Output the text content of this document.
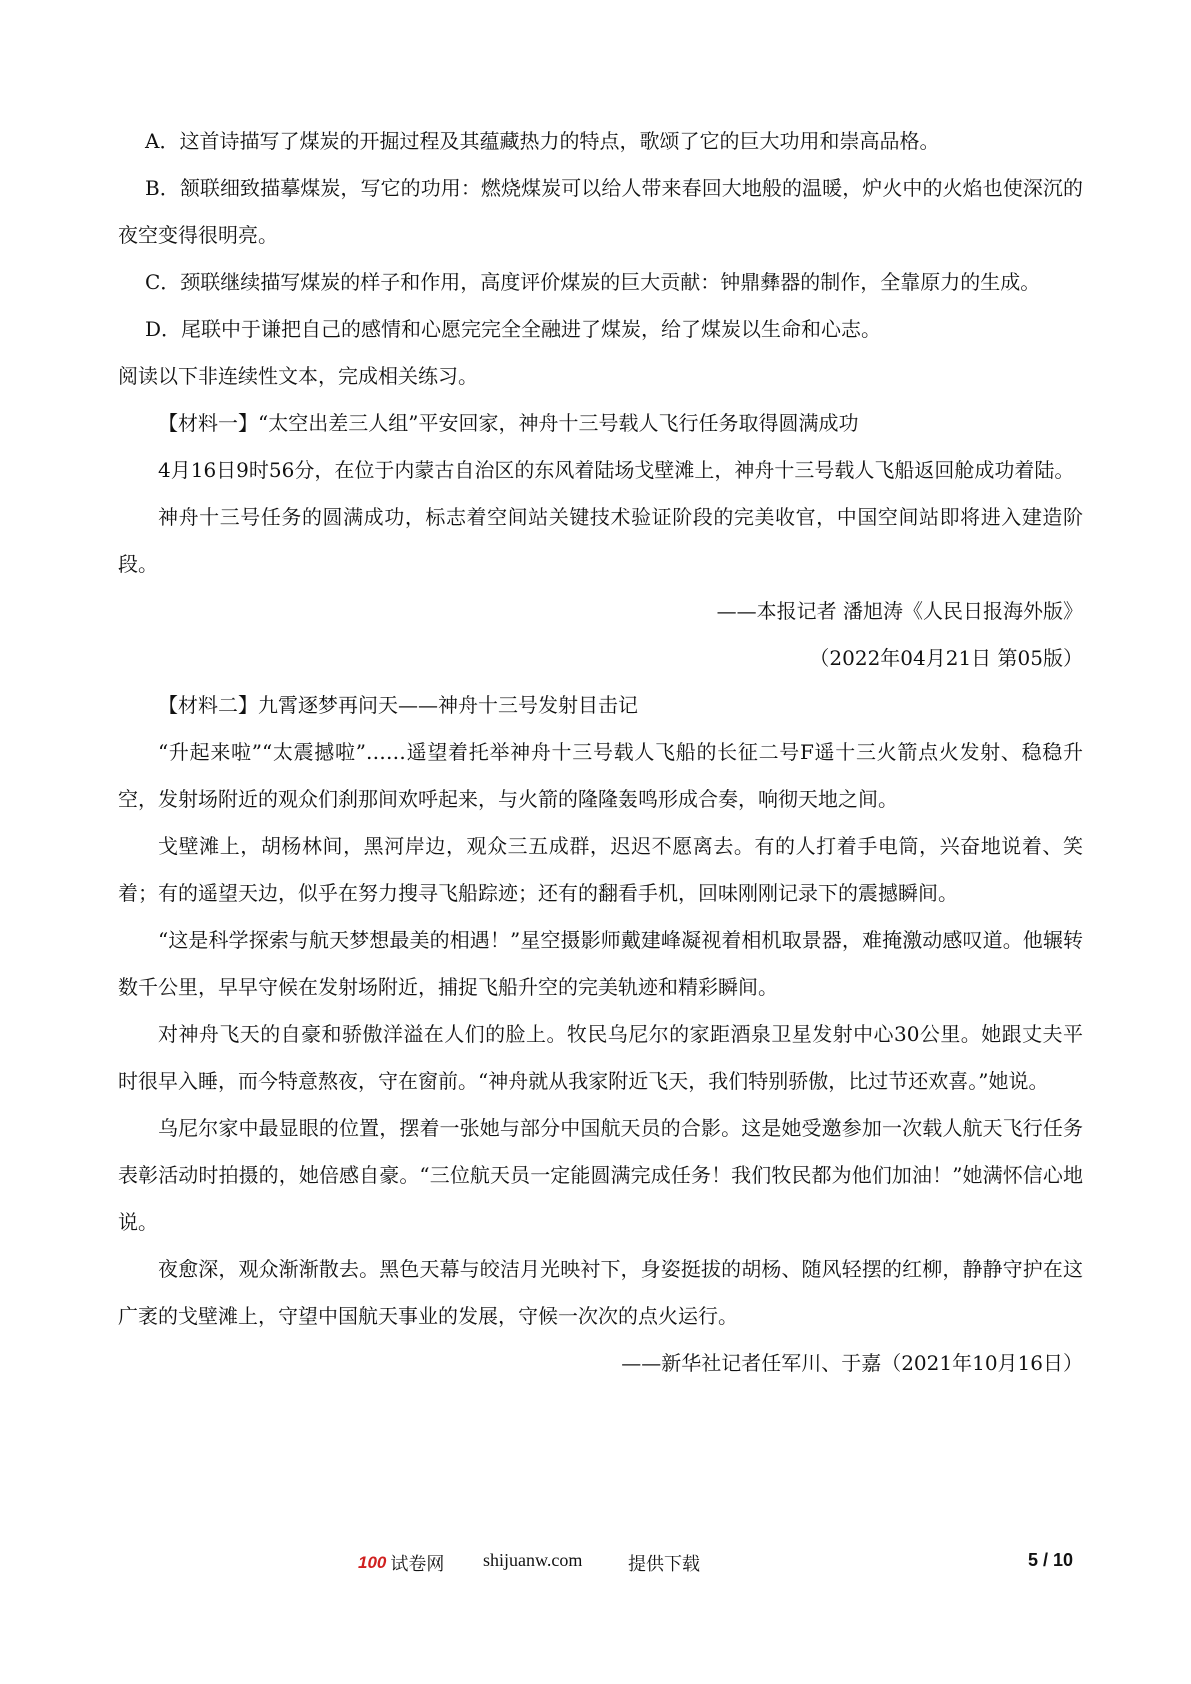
A．这首诗描写了煤炭的开掘过程及其蕴藏热力的特点，歌颂了它的巨大功用和崇高品格。

B．颔联细致描摹煤炭，写它的功用：燃烧煤炭可以给人带来春回大地般的温暖，炉火中的火焰也使深沉的夜空变得很明亮。

C．颈联继续描写煤炭的样子和作用，高度评价煤炭的巨大贡献：钟鼎彝器的制作，全靠原力的生成。

D．尾联中于谦把自己的感情和心愿完完全全融进了煤炭，给了煤炭以生命和心志。

阅读以下非连续性文本，完成相关练习。

【材料一】“太空出差三人组”平安回家，神舟十三号载人飞行任务取得圆满成功

4月16日9时56分，在位于内蒙古自治区的东风着陆场戈壁滩上，神舟十三号载人飞船返回舱成功着陆。

神舟十三号任务的圆满成功，标志着空间站关键技术验证阶段的完美收官，中国空间站即将进入建造阶段。

——本报记者 潘旭涛《人民日报海外版》

（2022年04月21日 第05版）

【材料二】九霄逐梦再问天——神舟十三号发射目击记

“升起来啦”“太震撼啦”……遥望着托举神舟十三号载人飞船的长征二号F遥十三火箭点火发射、稳稳升空，发射场附近的观众们刹那间欢呼起来，与火箭的隆隆轰鸣形成合奏，响彻天地之间。

戈壁滩上，胡杨林间，黑河岸边，观众三五成群，迟迟不愿离去。有的人打着手电筒，兴奋地说着、笑着；有的遥望天边，似乎在努力搜寻飞船踪迹；还有的翻看手机，回味刚刚记录下的震撼瞬间。

“这是科学探索与航天梦想最美的相遇！”星空摄影师戴建峰凝视着相机取景器，难掩激动感叹道。他辗转数千公里，早早守候在发射场附近，捕捉飞船升空的完美轨迹和精彩瞬间。

对神舟飞天的自豪和骄傲洋溢在人们的脸上。牧民乌尼尔的家距酒泉卫星发射中心30公里。她跟丈夫平时很早入睡，而今特意熬夜，守在窗前。“神舟就从我家附近飞天，我们特别骄傲，比过节还欢喜。”她说。

乌尼尔家中最显眼的位置，摆着一张她与部分中国航天员的合影。这是她受邀参加一次载人航天飞行任务表彰活动时拍摄的，她倍感自豪。“三位航天员一定能圆满完成任务！我们牧民都为他们加油！”她满怀信心地说。

夜愈深，观众渐渐散去。黑色天幕与皎洁月光映衬下，身姿挺拔的胡杨、随风轻摆的红柳，静静守护在这广袤的戈壁滩上，守望中国航天事业的发展，守候一次次的点火运行。

——新华社记者任军川、于嘉（2021年10月16日）

100 试卷网 shijuanw.com	提供下载	5 / 10
